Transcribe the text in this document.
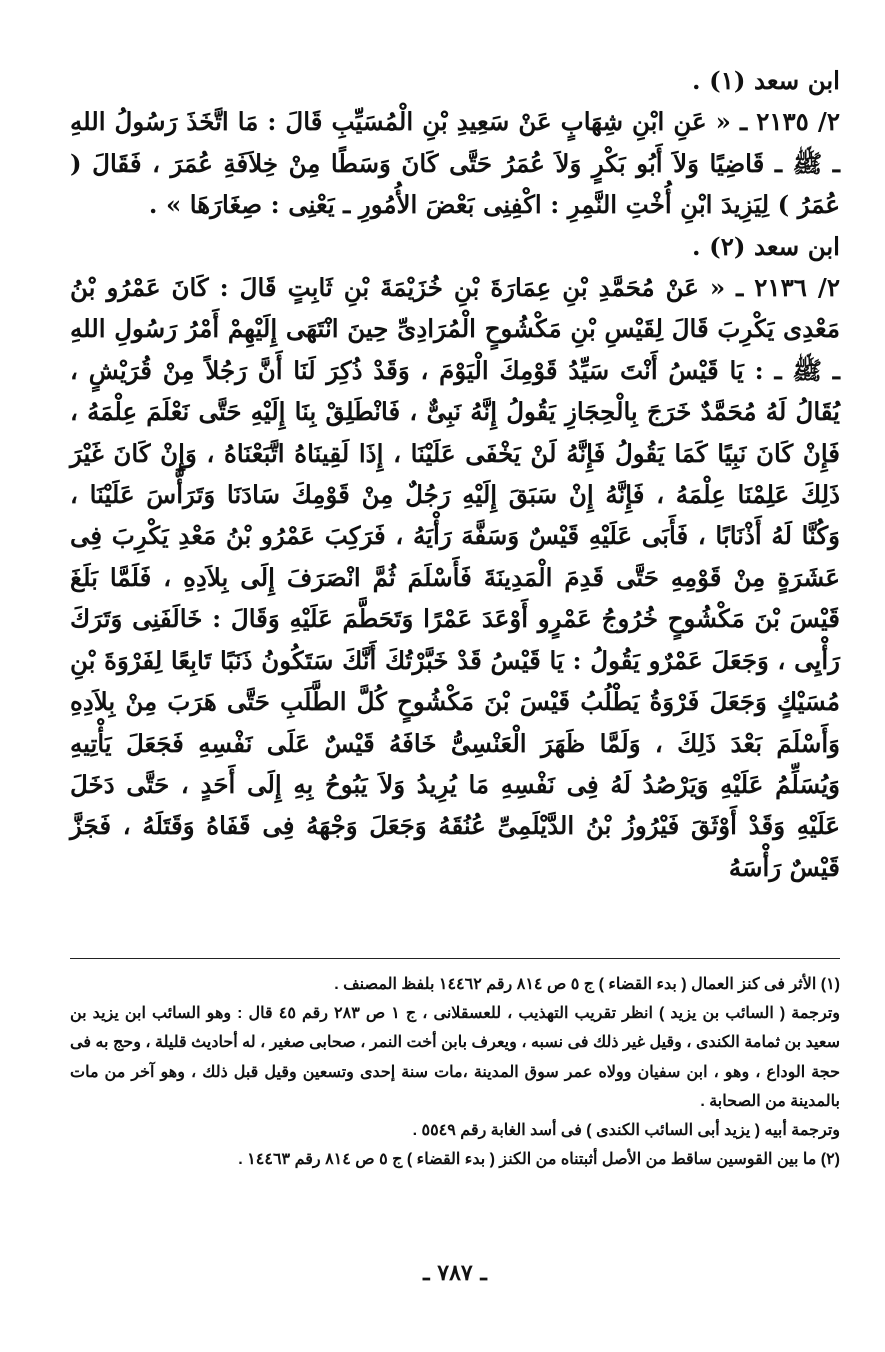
ابن سعد (١) .

٢/ ٢١٣٥ ـ « عَنِ ابْنِ شِهَابٍ عَنْ سَعِيدِ بْنِ الْمُسَيِّبِ قَالَ : مَا اتَّخَذَ رَسُولُ اللهِ ـ ﷺ ـ قَاضِيًا وَلاَ أَبُو بَكْرٍ وَلاَ عُمَرُ حَتَّى كَانَ وَسَطًا مِنْ خِلاَفَةِ عُمَرَ ، فَقَالَ ( عُمَرُ ) لِيَزِيدَ ابْنِ أُخْتِ النَّمِرِ : اكْفِنِى بَعْضَ الأُمُورِ ـ يَعْنِى : صِغَارَهَا » .

ابن سعد (٢) .

٢/ ٢١٣٦ ـ « عَنْ مُحَمَّدِ بْنِ عِمَارَةَ بْنِ خُزَيْمَةَ بْنِ ثَابِتٍ قَالَ : كَانَ عَمْرُو بْنُ مَعْدِى يَكْرِبَ قَالَ لِقَيْسِ بْنِ مَكْشُوحٍ الْمُرَادِىِّ حِينَ انْتَهَى إِلَيْهِمْ أَمْرُ رَسُولِ اللهِ ـ ﷺ ـ : يَا قَيْسُ أَنْتَ سَيِّدُ قَوْمِكَ الْيَوْمَ ، وَقَدْ ذُكِرَ لَنَا أَنَّ رَجُلاً مِنْ قُرَيْشٍ ، يُقَالُ لَهُ مُحَمَّدٌ خَرَجَ بِالْحِجَازِ يَقُولُ إِنَّهُ نَبِىٌّ ، فَانْطَلِقْ بِنَا إِلَيْهِ حَتَّى نَعْلَمَ عِلْمَهُ ، فَإِنْ كَانَ نَبِيًا كَمَا يَقُولُ فَإِنَّهُ لَنْ يَخْفَى عَلَيْنَا ، إِذَا لَقِينَاهُ اتَّبَعْنَاهُ ، وَإِنْ كَانَ غَيْرَ ذَلِكَ عَلِمْنَا عِلْمَهُ ، فَإِنَّهُ إِنْ سَبَقَ إِلَيْهِ رَجُلٌ مِنْ قَوْمِكَ سَادَنَا وَتَرَأَّسَ عَلَيْنَا ، وَكُنَّا لَهُ أَذْنَابًا ، فَأَبَى عَلَيْهِ قَيْسٌ وَسَفَّهَ رَأْيَهُ ، فَرَكِبَ عَمْرُو بْنُ مَعْدِ يَكْرِبَ فِى عَشَرَةٍ مِنْ قَوْمِهِ حَتَّى قَدِمَ الْمَدِينَةَ فَأَسْلَمَ ثُمَّ انْصَرَفَ إِلَى بِلاَدِهِ ، فَلَمَّا بَلَغَ قَيْسَ بْنَ مَكْشُوحٍ خُرُوجُ عَمْرٍو أَوْعَدَ عَمْرًا وَتَحَطَّمَ عَلَيْهِ وَقَالَ : خَالَفَنِى وَتَرَكَ رَأْيِى ، وَجَعَلَ عَمْرٌو يَقُولُ : يَا قَيْسُ قَدْ خَبَّرْتُكَ أَنَّكَ سَتَكُونُ ذَنَبًا تَابِعًا لِفَرْوَةَ بْنِ مُسَيْكٍ وَجَعَلَ فَرْوَةُ يَطْلُبُ قَيْسَ بْنَ مَكْشُوحٍ كُلَّ الطَّلَبِ حَتَّى هَرَبَ مِنْ بِلاَدِهِ وَأَسْلَمَ بَعْدَ ذَلِكَ ، وَلَمَّا ظَهَرَ الْعَنْسِىُّ خَافَهُ قَيْسٌ عَلَى نَفْسِهِ فَجَعَلَ يَأْتِيهِ وَيُسَلِّمُ عَلَيْهِ وَيَرْصُدُ لَهُ فِى نَفْسِهِ مَا يُرِيدُ وَلاَ يَبُوحُ بِهِ إِلَى أَحَدٍ ، حَتَّى دَخَلَ عَلَيْهِ وَقَدْ أَوْثَقَ فَيْرُوزُ بْنُ الدَّيْلَمِىِّ عُنُقَهُ وَجَعَلَ وَجْهَهُ فِى قَفَاهُ وَقَتَلَهُ ، فَجَزَّ قَيْسٌ رَأْسَهُ

(١) الأثر فى كنز العمال ( بدء القضاء ) ج ٥ ص ٨١٤ رقم ١٤٤٦٢ بلفظ المصنف .

وترجمة ( السائب بن يزيد ) انظر تقريب التهذيب ، للعسقلانى ، ج ١ ص ٢٨٣ رقم ٤٥ قال : وهو السائب ابن يزيد بن سعيد بن ثمامة الكندى ، وقيل غير ذلك فى نسبه ، ويعرف بابن أخت النمر ، صحابى صغير ، له أحاديث قليلة ، وحج به فى حجة الوداع ، وهو ، ابن سفيان وولاه عمر سوق المدينة ،مات سنة إحدى وتسعين وقيل قبل ذلك ، وهو آخر من مات بالمدينة من الصحابة .

وترجمة أبيه ( يزيد أبى السائب الكندى ) فى أسد الغابة رقم ٥٥٤٩ .

(٢) ما بين القوسين ساقط من الأصل أثبتناه من الكنز ( بدء القضاء ) ج ٥ ص ٨١٤ رقم ١٤٤٦٣ .

ـ ٧٨٧ ـ
